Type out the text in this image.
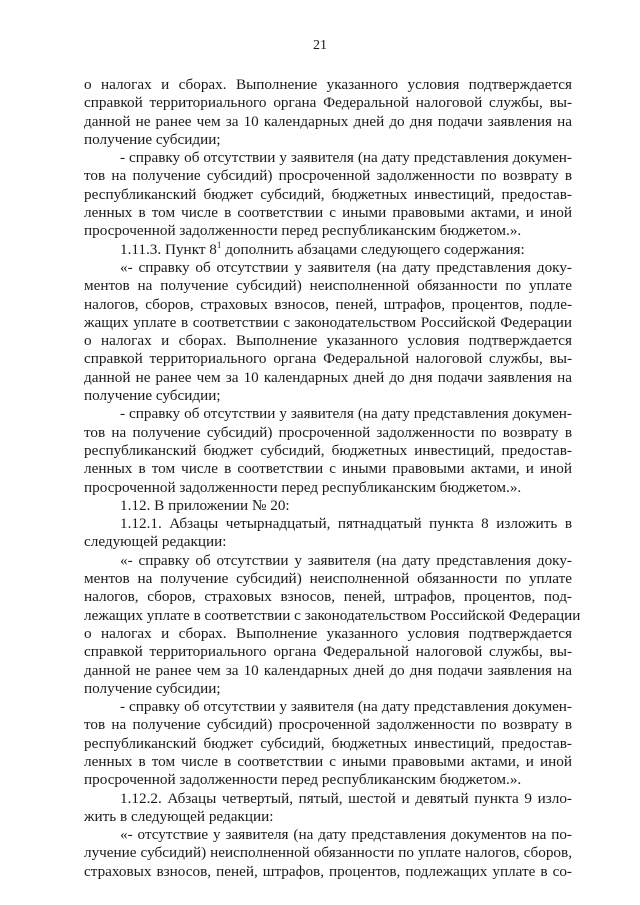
21
о налогах и сборах. Выполнение указанного условия подтверждается
справкой территориального органа Федеральной налоговой службы, вы-
данной не ранее чем за 10 календарных дней до дня подачи заявления на
получение субсидии;
- справку об отсутствии у заявителя (на дату представления докумен-
тов на получение субсидий) просроченной задолженности по возврату в
республиканский бюджет субсидий, бюджетных инвестиций, предостав-
ленных в том числе в соответствии с иными правовыми актами, и иной
просроченной задолженности перед республиканским бюджетом.».
1.11.3. Пункт $8^1$ дополнить абзацами следующего содержания:
«- справку об отсутствии у заявителя (на дату представления доку-
ментов на получение субсидий) неисполненной обязанности по уплате
налогов, сборов, страховых взносов, пеней, штрафов, процентов, подле-
жащих уплате в соответствии с законодательством Российской Федерации
о налогах и сборах. Выполнение указанного условия подтверждается
справкой территориального органа Федеральной налоговой службы, вы-
данной не ранее чем за 10 календарных дней до дня подачи заявления на
получение субсидии;
- справку об отсутствии у заявителя (на дату представления докумен-
тов на получение субсидий) просроченной задолженности по возврату в
республиканский бюджет субсидий, бюджетных инвестиций, предостав-
ленных в том числе в соответствии с иными правовыми актами, и иной
просроченной задолженности перед республиканским бюджетом.».
1.12. В приложении № 20:
1.12.1. Абзацы четырнадцатый, пятнадцатый пункта 8 изложить в
следующей редакции:
«- справку об отсутствии у заявителя (на дату представления доку-
ментов на получение субсидий) неисполненной обязанности по уплате
налогов, сборов, страховых взносов, пеней, штрафов, процентов, под-
лежащих уплате в соответствии с законодательством Российской Федерации
о налогах и сборах. Выполнение указанного условия подтверждается
справкой территориального органа Федеральной налоговой службы, вы-
данной не ранее чем за 10 календарных дней до дня подачи заявления на
получение субсидии;
- справку об отсутствии у заявителя (на дату представления докумен-
тов на получение субсидий) просроченной задолженности по возврату в
республиканский бюджет субсидий, бюджетных инвестиций, предостав-
ленных в том числе в соответствии с иными правовыми актами, и иной
просроченной задолженности перед республиканским бюджетом.».
1.12.2. Абзацы четвертый, пятый, шестой и девятый пункта 9 изло-
жить в следующей редакции:
«- отсутствие у заявителя (на дату представления документов на по-
лучение субсидий) неисполненной обязанности по уплате налогов, сборов,
страховых взносов, пеней, штрафов, процентов, подлежащих уплате в со-
